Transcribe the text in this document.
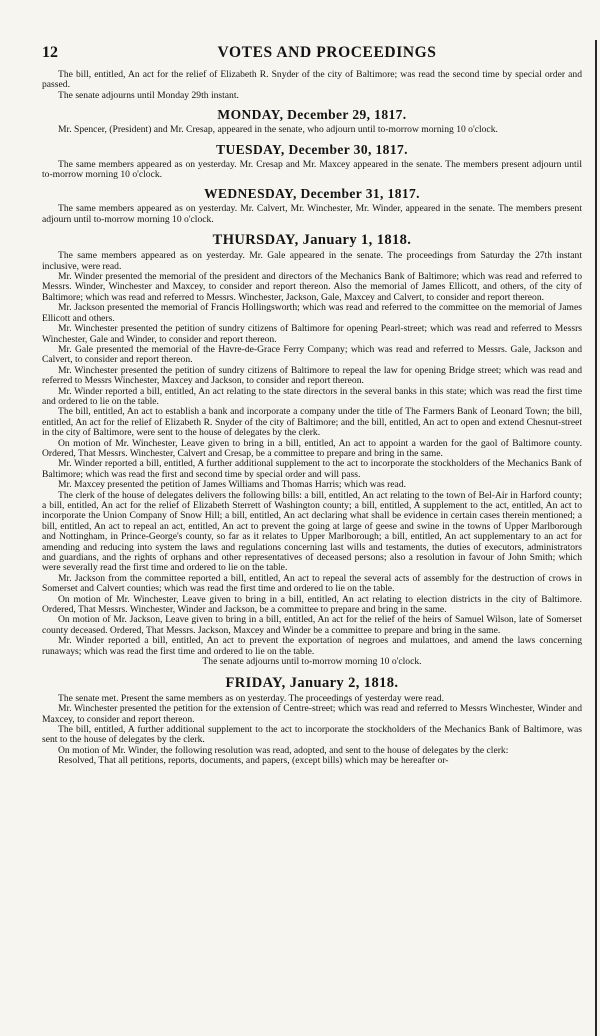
12	VOTES AND PROCEEDINGS

The bill, entitled, An act for the relief of Elizabeth R. Snyder of the city of Baltimore; was read the second time by special order and passed.

The senate adjourns until Monday 29th instant.

MONDAY, December 29, 1817.

Mr. Spencer, (President) and Mr. Cresap, appeared in the senate, who adjourn until to-morrow morning 10 o'clock.

TUESDAY, December 30, 1817.

The same members appeared as on yesterday. Mr. Cresap and Mr. Maxcey appeared in the senate. The members present adjourn until to-morrow morning 10 o'clock.

WEDNESDAY, December 31, 1817.

The same members appeared as on yesterday. Mr. Calvert, Mr. Winchester, Mr. Winder, appeared in the senate. The members present adjourn until to-morrow morning 10 o'clock.

THURSDAY, January 1, 1818.

The same members appeared as on yesterday. Mr. Gale appeared in the senate. The proceedings from Saturday the 27th instant inclusive, were read.

Mr. Winder presented the memorial of the president and directors of the Mechanics Bank of Baltimore; which was read and referred to Messrs. Winder, Winchester and Maxcey, to consider and report thereon. Also the memorial of James Ellicott, and others, of the city of Baltimore; which was read and referred to Messrs. Winchester, Jackson, Gale, Maxcey and Calvert, to consider and report thereon.

Mr. Jackson presented the memorial of Francis Hollingsworth; which was read and referred to the committee on the memorial of James Ellicott and others.

Mr. Winchester presented the petition of sundry citizens of Baltimore for opening Pearl-street; which was read and referred to Messrs Winchester, Gale and Winder, to consider and report thereon.

Mr. Gale presented the memorial of the Havre-de-Grace Ferry Company; which was read and referred to Messrs. Gale, Jackson and Calvert, to consider and report thereon.

Mr. Winchester presented the petition of sundry citizens of Baltimore to repeal the law for opening Bridge street; which was read and referred to Messrs Winchester, Maxcey and Jackson, to consider and report thereon.

Mr. Winder reported a bill, entitled, An act relating to the state directors in the several banks in this state; which was read the first time and ordered to lie on the table.

The bill, entitled, An act to establish a bank and incorporate a company under the title of The Farmers Bank of Leonard Town; the bill, entitled, An act for the relief of Elizabeth R. Snyder of the city of Baltimore; and the bill, entitled, An act to open and extend Chesnut-street in the city of Baltimore, were sent to the house of delegates by the clerk.

On motion of Mr. Winchester, Leave given to bring in a bill, entitled, An act to appoint a warden for the gaol of Baltimore county. Ordered, That Messrs. Winchester, Calvert and Cresap, be a committee to prepare and bring in the same.

Mr. Winder reported a bill, entitled, A further additional supplement to the act to incorporate the stockholders of the Mechanics Bank of Baltimore; which was read the first and second time by special order and will pass.

Mr. Maxcey presented the petition of James Williams and Thomas Harris; which was read.

The clerk of the house of delegates delivers the following bills: a bill, entitled, An act relating to the town of Bel-Air in Harford county; a bill, entitled, An act for the relief of Elizabeth Sterrett of Washington county; a bill, entitled, A supplement to the act, entitled, An act to incorporate the Union Company of Snow Hill; a bill, entitled, An act declaring what shall be evidence in certain cases therein mentioned; a bill, entitled, An act to repeal an act, entitled, An act to prevent the going at large of geese and swine in the towns of Upper Marlborough and Nottingham, in Prince-George's county, so far as it relates to Upper Marlborough; a bill, entitled, An act supplementary to an act for amending and reducing into system the laws and regulations concerning last wills and testaments, the duties of executors, administrators and guardians, and the rights of orphans and other representatives of deceased persons; also a resolution in favour of John Smith; which were severally read the first time and ordered to lie on the table.

Mr. Jackson from the committee reported a bill, entitled, An act to repeal the several acts of assembly for the destruction of crows in Somerset and Calvert counties; which was read the first time and ordered to lie on the table.

On motion of Mr. Winchester, Leave given to bring in a bill, entitled, An act relating to election districts in the city of Baltimore. Ordered, That Messrs. Winchester, Winder and Jackson, be a committee to prepare and bring in the same.

On motion of Mr. Jackson, Leave given to bring in a bill, entitled, An act for the relief of the heirs of Samuel Wilson, late of Somerset county deceased. Ordered, That Messrs. Jackson, Maxcey and Winder be a committee to prepare and bring in the same.

Mr. Winder reported a bill, entitled, An act to prevent the exportation of negroes and mulattoes, and amend the laws concerning runaways; which was read the first time and ordered to lie on the table.

The senate adjourns until to-morrow morning 10 o'clock.

FRIDAY, January 2, 1818.

The senate met. Present the same members as on yesterday. The proceedings of yesterday were read.

Mr. Winchester presented the petition for the extension of Centre-street; which was read and referred to Messrs Winchester, Winder and Maxcey, to consider and report thereon.

The bill, entitled, A further additional supplement to the act to incorporate the stockholders of the Mechanics Bank of Baltimore, was sent to the house of delegates by the clerk.

On motion of Mr. Winder, the following resolution was read, adopted, and sent to the house of delegates by the clerk:

Resolved, That all petitions, reports, documents, and papers, (except bills) which may be hereafter or-
